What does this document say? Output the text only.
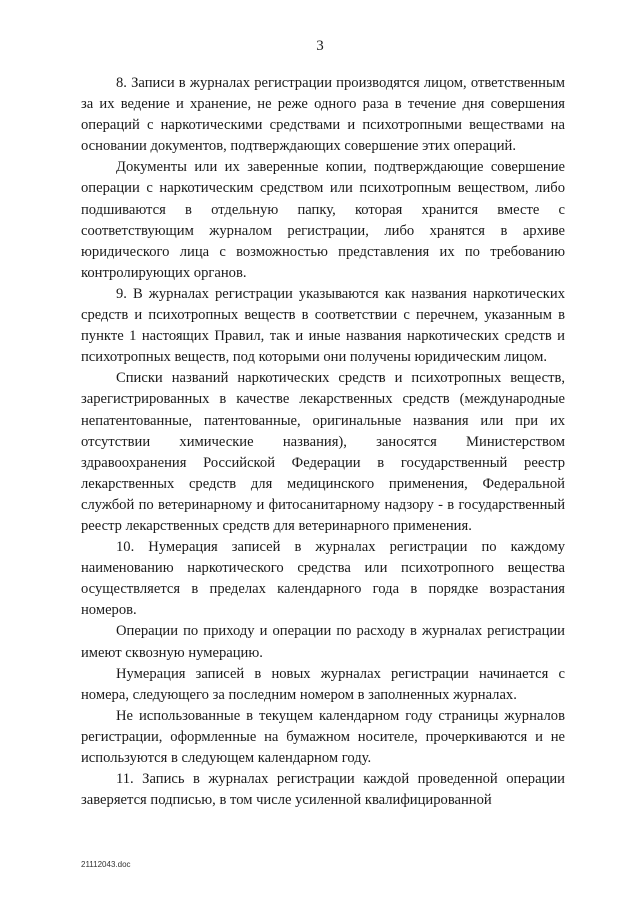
3

8. Записи в журналах регистрации производятся лицом, ответственным за их ведение и хранение, не реже одного раза в течение дня совершения операций с наркотическими средствами и психотропными веществами на основании документов, подтверждающих совершение этих операций.

Документы или их заверенные копии, подтверждающие совершение операции с наркотическим средством или психотропным веществом, либо подшиваются в отдельную папку, которая хранится вместе с соответствующим журналом регистрации, либо хранятся в архиве юридического лица с возможностью представления их по требованию контролирующих органов.

9. В журналах регистрации указываются как названия наркотических средств и психотропных веществ в соответствии с перечнем, указанным в пункте 1 настоящих Правил, так и иные названия наркотических средств и психотропных веществ, под которыми они получены юридическим лицом.

Списки названий наркотических средств и психотропных веществ, зарегистрированных в качестве лекарственных средств (международные непатентованные, патентованные, оригинальные названия или при их отсутствии химические названия), заносятся Министерством здравоохранения Российской Федерации в государственный реестр лекарственных средств для медицинского применения, Федеральной службой по ветеринарному и фитосанитарному надзору - в государственный реестр лекарственных средств для ветеринарного применения.

10. Нумерация записей в журналах регистрации по каждому наименованию наркотического средства или психотропного вещества осуществляется в пределах календарного года в порядке возрастания номеров.

Операции по приходу и операции по расходу в журналах регистрации имеют сквозную нумерацию.

Нумерация записей в новых журналах регистрации начинается с номера, следующего за последним номером в заполненных журналах.

Не использованные в текущем календарном году страницы журналов регистрации, оформленные на бумажном носителе, прочеркиваются и не используются в следующем календарном году.

11. Запись в журналах регистрации каждой проведенной операции заверяется подписью, в том числе усиленной квалифицированной

21112043.doc
